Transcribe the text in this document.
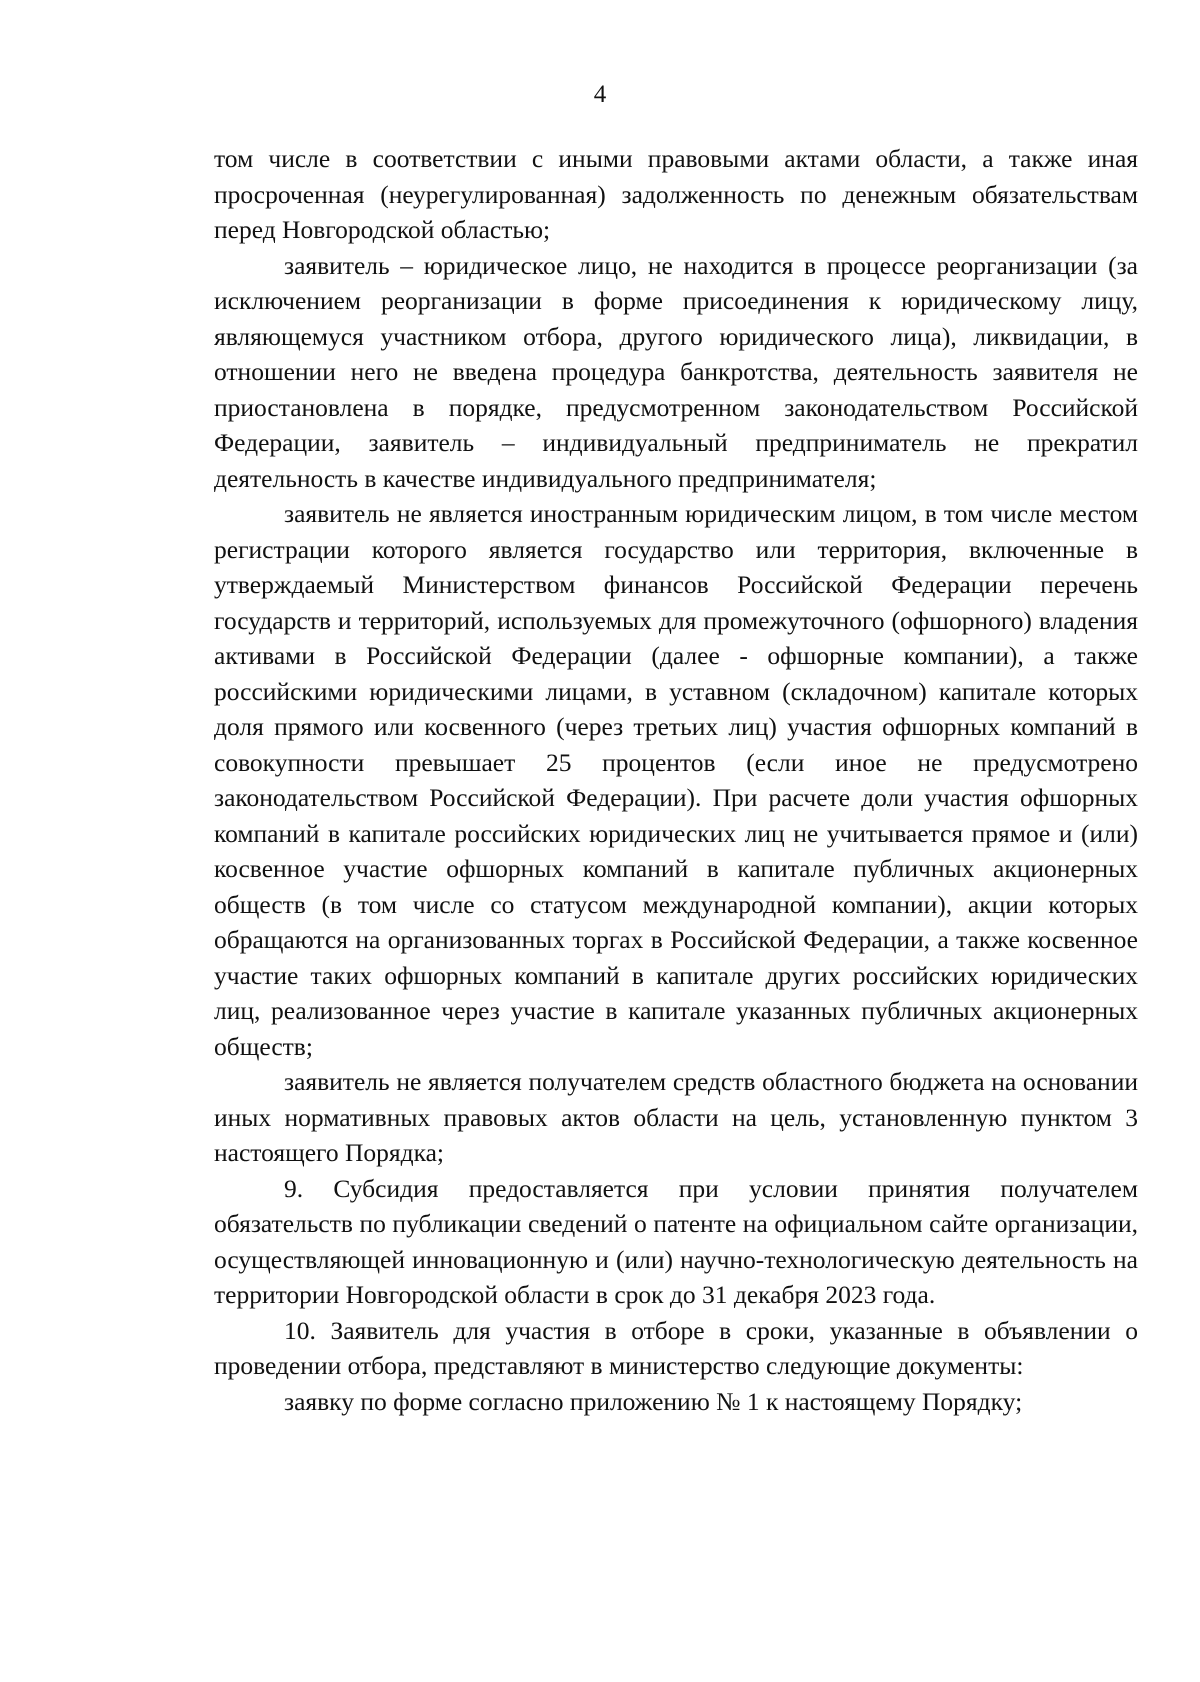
4

том числе в соответствии с иными правовыми актами области, а также иная просроченная (неурегулированная) задолженность по денежным обязательствам перед Новгородской областью;

заявитель – юридическое лицо, не находится в процессе реорганизации (за исключением реорганизации в форме присоединения к юридическому лицу, являющемуся участником отбора, другого юридического лица), ликвидации, в отношении него не введена процедура банкротства, деятельность заявителя не приостановлена в порядке, предусмотренном законодательством Российской Федерации, заявитель – индивидуальный предприниматель не прекратил деятельность в качестве индивидуального предпринимателя;

заявитель не является иностранным юридическим лицом, в том числе местом регистрации которого является государство или территория, включенные в утверждаемый Министерством финансов Российской Федерации перечень государств и территорий, используемых для промежуточного (офшорного) владения активами в Российской Федерации (далее - офшорные компании), а также российскими юридическими лицами, в уставном (складочном) капитале которых доля прямого или косвенного (через третьих лиц) участия офшорных компаний в совокупности превышает 25 процентов (если иное не предусмотрено законодательством Российской Федерации). При расчете доли участия офшорных компаний в капитале российских юридических лиц не учитывается прямое и (или) косвенное участие офшорных компаний в капитале публичных акционерных обществ (в том числе со статусом международной компании), акции которых обращаются на организованных торгах в Российской Федерации, а также косвенное участие таких офшорных компаний в капитале других российских юридических лиц, реализованное через участие в капитале указанных публичных акционерных обществ;

заявитель не является получателем средств областного бюджета на основании иных нормативных правовых актов области на цель, установленную пунктом 3 настоящего Порядка;

9. Субсидия предоставляется при условии принятия получателем обязательств по публикации сведений о патенте на официальном сайте организации, осуществляющей инновационную и (или) научно-технологическую деятельность на территории Новгородской области в срок до 31 декабря 2023 года.

10. Заявитель для участия в отборе в сроки, указанные в объявлении о проведении отбора, представляют в министерство следующие документы:

заявку по форме согласно приложению № 1 к настоящему Порядку;
